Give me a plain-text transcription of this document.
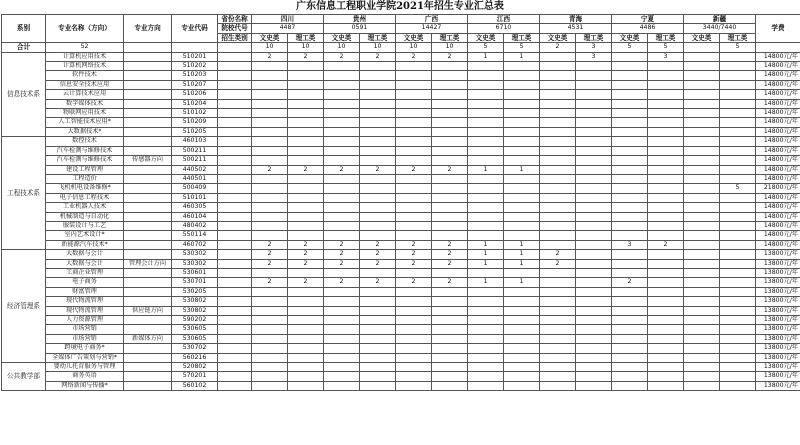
广东信息工程职业学院2021年招生专业汇总表
系别	专业名称（方向）	专业方向	专业代码	省份名称	四川		贵州		广西		江西		青海		宁夏		新疆		学费
				院校代号	4487		0591		14427		6710		4531		4486		3440/7440		
				招生类别	文史类	理工类	文史类	理工类	文史类	理工类	文史类	理工类	文史类	理工类	文史类	理工类	文史类	理工类	
合计	52				10	10	10	10	10	10	5	5	2	3	5	5		5	
信息技术系	计算机应用技术		510201		2	2	2	2	2	2	1	1		3		3			14800元/年
	计算机网络技术		510202																14800元/年
	软件技术		510203																14800元/年
	信息安全技术应用		510207																14800元/年
	云计算技术应用		510206																14800元/年
	数字媒体技术		510204																14800元/年
	物联网应用技术		510102																14800元/年
	人工智能技术应用*		510209																14800元/年
	大数据技术*		510205																14800元/年
工程技术系	数控技术		460103																14800元/年
	汽车检测与维修技术		500211																14800元/年
	汽车检测与维修技术	传感器方向	500211																14800元/年
	建设工程管理		440502		2	2	2	2	2	2	1	1							14800元/年
	工程造价		440501																14800元/年
	飞机机电设备维修*		500409															5	21800元/年
	电子信息工程技术		510101																14800元/年
	工业机器人技术		460305																14800元/年
	机械制造与自动化		460104																14800元/年
	服装设计与工艺		480402																14800元/年
	室内艺术设计*		550114																14800元/年
	新能源汽车技术*		460702		2	2	2	2	2	2	1	1			3	2			14800元/年
经济管理系	大数据与会计		530302		2	2	2	2	2	2	1	1	2						13800元/年
	大数据与会计	管理会计方向	530302		2	2	2	2	2	2	1	1	2						13800元/年
	工商企业管理		530601																13800元/年
	电子商务		530701		2	2	2	2	2	2	1	1			2				13800元/年
	财富管理		530205																13800元/年
	现代物流管理		530802																13800元/年
	现代物流管理	供应链方向	530802																13800元/年
	人力资源管理		590202																13800元/年
	市场营销		530605																13800元/年
	市场营销	新媒体方向	530605																13800元/年
	跨境电子商务*		530702																13800元/年
	全媒体广告策划与营销*		560216																13800元/年
公共教学部	婴幼儿托育服务与管理		520802																13800元/年
	商务英语		570201																13800元/年
	网络新闻与传播*		560102																13800元/年
